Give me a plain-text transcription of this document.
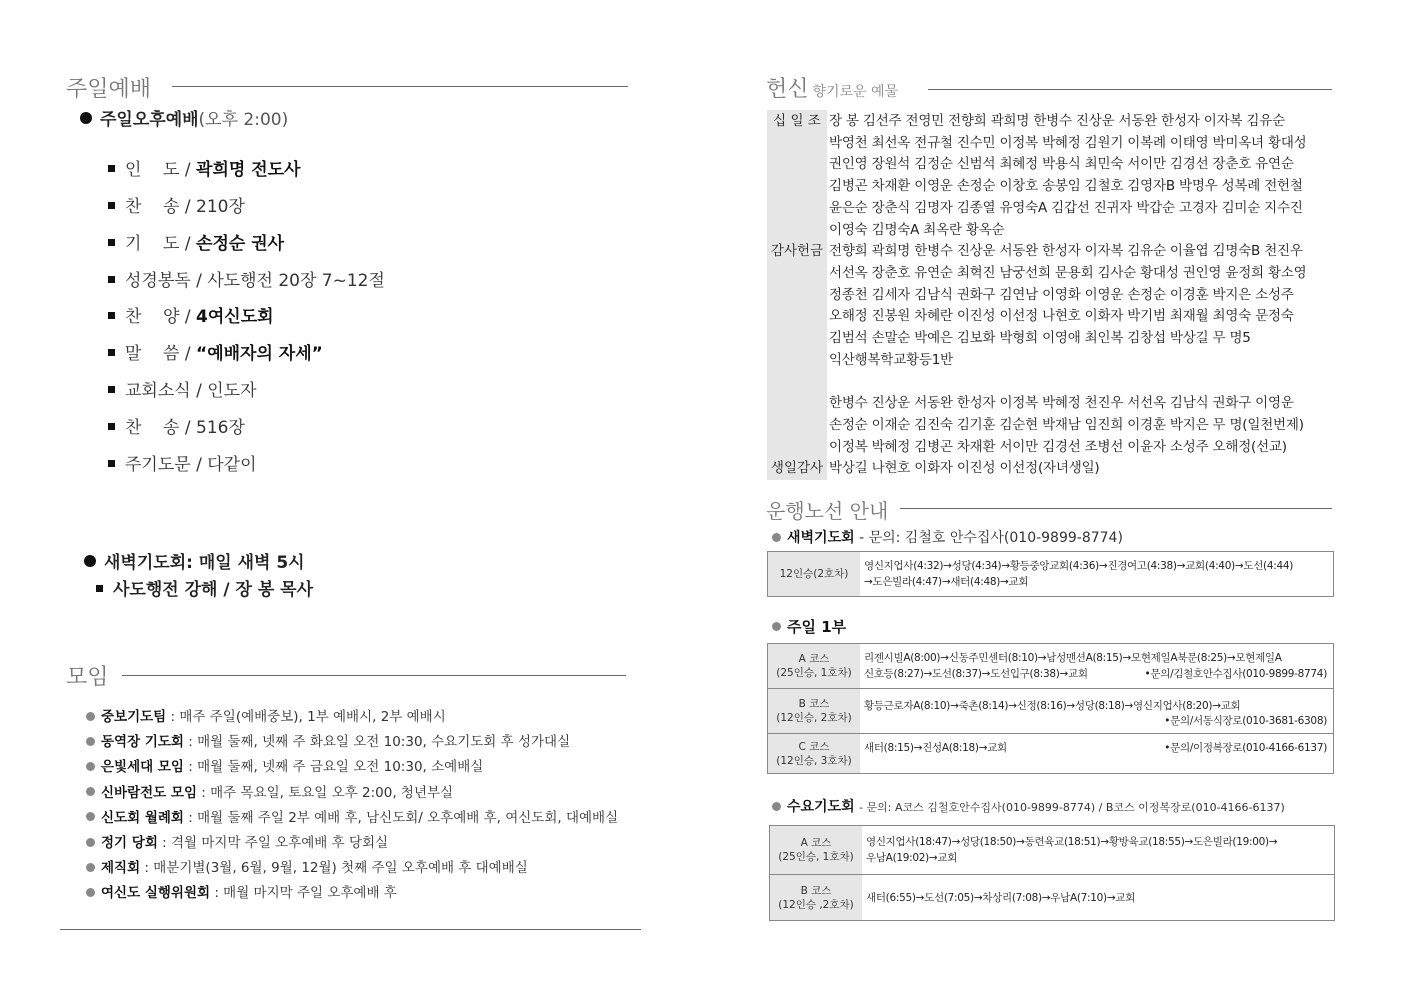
주일예배
주일오후예배(오후 2:00)
인    도 / 곽희명 전도사
찬    송 / 210장
기    도 / 손정순 권사
성경봉독 / 사도행전 20장 7~12절
찬    양 / 4여신도회
말    씀 / “예배자의 자세”
교회소식 / 인도자
찬    송 / 516장
주기도문 / 다같이
새벽기도회: 매일 새벽 5시
사도행전 강해 / 장 봉 목사
모임
중보기도팀 : 매주 주일(예배중보), 1부 예배시, 2부 예배시
동역장 기도회 : 매월 둘째, 넷째 주 화요일 오전 10:30, 수요기도회 후 성가대실
은빛세대 모임 : 매월 둘째, 넷째 주 금요일 오전 10:30, 소예배실
신바람전도 모임 : 매주 목요일, 토요일 오후 2:00, 청년부실
신도회 월례회 : 매월 둘째 주일 2부 예배 후, 남신도회/ 오후예배 후, 여신도회, 대예배실
정기 당회 : 격월 마지막 주일 오후예배 후 당회실
제직회 : 매분기별(3월, 6월, 9월, 12월) 첫째 주일 오후예배 후 대예배실
여신도 실행위원회 : 매월 마지막 주일 오후예배 후
헌신 향기로운 예물
십 일 조 장 봉 김선주 전영민 전향희 곽희명 한병수 진상운 서동완 한성자 이자복 김유순
박영천 최선옥 전규철 진수민 이정복 박혜정 김원기 이복례 이태영 박미옥녀 황대성
권인영 장원석 김정순 신범석 최혜정 박용식 최민숙 서이만 김경선 장춘호 유연순
김병곤 차재환 이영운 손정순 이창호 송봉임 김철호 김영자B 박명우 성복례 전헌철
윤은순 장춘식 김명자 김종열 유영숙A 김갑선 진귀자 박갑순 고경자 김미순 지수진
이영숙 김명숙A 최옥란 황옥순
감사헌금 전향희 곽희명 한병수 진상운 서동완 한성자 이자복 김유순 이율엽 김명숙B 천진우
서선옥 장춘호 유연순 최혁진 남궁선희 문용회 김사순 황대성 권인영 윤정희 황소영
정종천 김세자 김남식 권화구 김연남 이영화 이영운 손정순 이경훈 박지은 소성주
오해정 진봉원 차혜란 이진성 이선정 나현호 이화자 박기범 최재월 최영숙 문정숙
김범석 손말순 박예은 김보화 박형희 이영애 최인복 김창섭 박상길 무 명5
익산행복학교황등1반
한병수 진상운 서동완 한성자 이정복 박혜정 천진우 서선옥 김남식 권화구 이영운
손정순 이재순 김진숙 김기훈 김순현 박재남 임진희 이경훈 박지은 무 명(일천번제)
이정복 박혜정 김병곤 차재환 서이만 김경선 조병선 이윤자 소성주 오해정(선교)
생일감사 박상길 나현호 이화자 이진성 이선정(자녀생일)
운행노선 안내
새벽기도회 - 문의: 김철호 안수집사(010-9899-8774)
12인승(2호차)
영신지업사(4:32)→성당(4:34)→황등중앙교회(4:36)→진경여고(4:38)→교회(4:40)→도선(4:44)
→도은빌라(4:47)→새터(4:48)→교회
주일 1부
A 코스
(25인승, 1호차)
리젠시빌A(8:00)→신동주민센터(8:10)→남성맨션A(8:15)→모현제일A북문(8:25)→모현제일A
신호등(8:27)→도선(8:37)→도선입구(8:38)→교회	•문의/김철호안수집사(010-9899-8774)
B 코스
(12인승, 2호차)
황등근로자A(8:10)→죽촌(8:14)→신정(8:16)→성당(8:18)→영신지업사(8:20)→교회
•문의/서동식장로(010-3681-6308)
C 코스
(12인승, 3호차)
새터(8:15)→진성A(8:18)→교회	•문의/이정복장로(010-4166-6137)
수요기도회 - 문의: A코스 김철호안수집사(010-9899-8774) / B코스 이정복장로(010-4166-6137)
A 코스
(25인승, 1호차)
영신지업사(18:47)→성당(18:50)→동련육교(18:51)→황방육교(18:55)→도은빌라(19:00)→
우남A(19:02)→교회
B 코스
(12인승 ,2호차)
새터(6:55)→도선(7:05)→차상리(7:08)→우남A(7:10)→교회
